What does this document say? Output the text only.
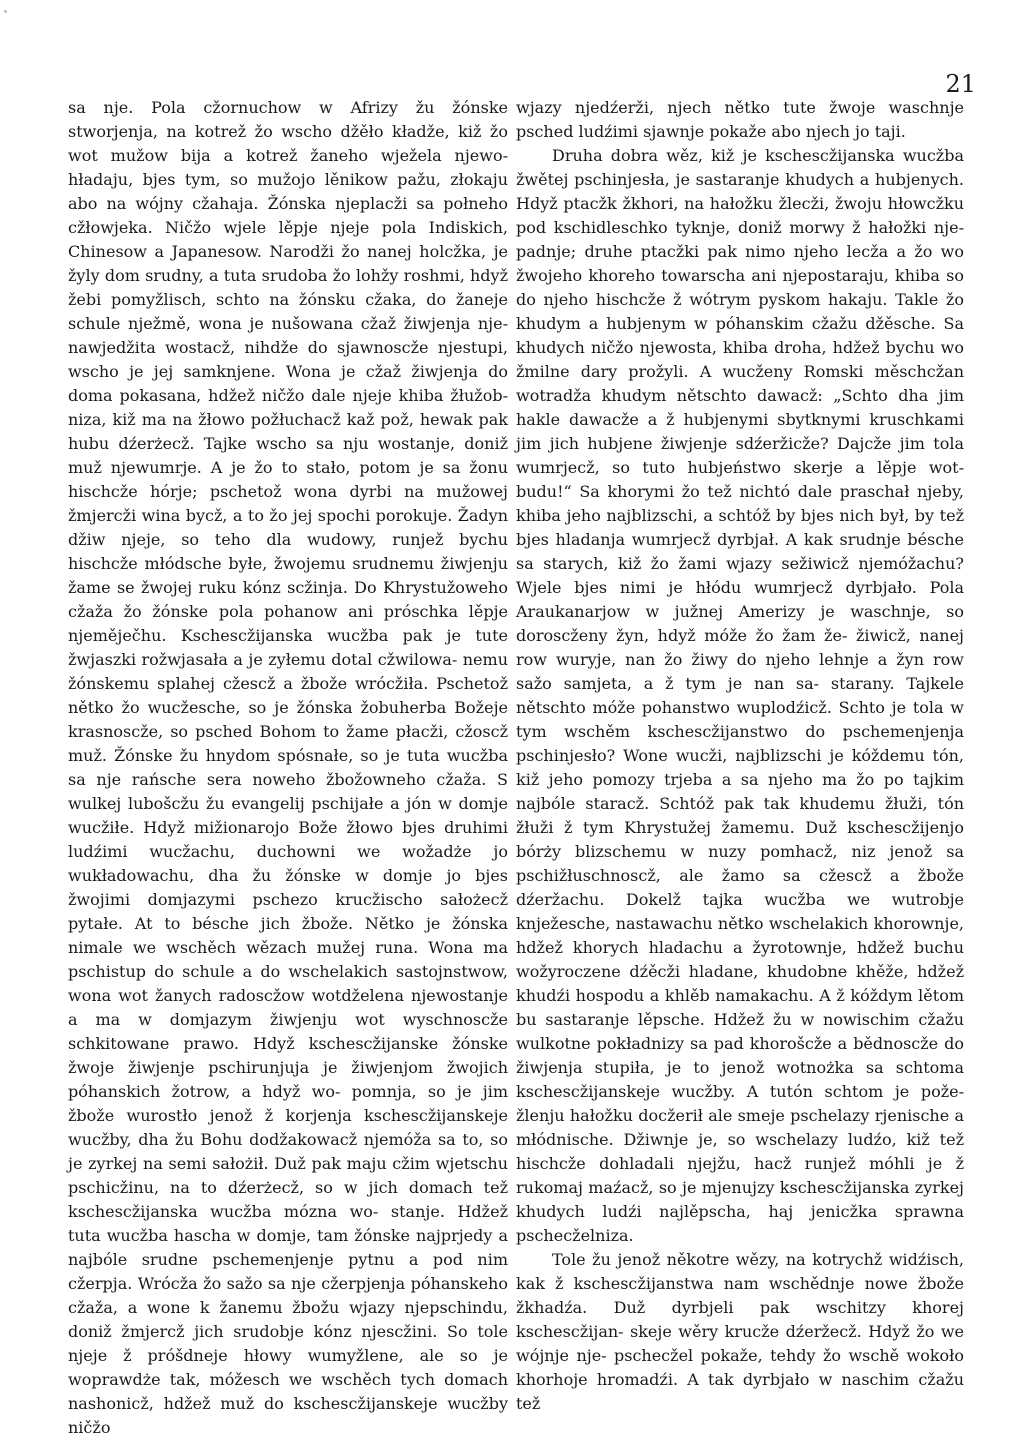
21

sa nje. Pola cžornuchow w Afrizy žu žónske stworjenja, na kotrež žo wscho džěło kładže, kiž žo wot mužow bija a kotrež žaneho wježela njewo- hładaju, bjes tym, so mužojo lěnikow pažu, złokaju abo na wójny cžahaja. Žónska njeplacži sa połneho cžłowjeka. Ničžo wjele lěpje njeje pola Indiskich, Chinesow a Japanesow. Narodži žo nanej holcžka, je žyly dom srudny, a tuta srudoba žo lohžy roshmi, hdyž žebi pomyžlisch, schto na žónsku cžaka, do žaneje schule nježmě, wona je nušowana cžaž žiwjenja nje- nawjedžita wostacž, nihdže do sjawnoscže njestupi, wscho je jej samknjene. Wona je cžaž žiwjenja do doma pokasana, hdžež ničžo dale njeje khiba žłužob- niza, kiž ma na žłowo požłuchacž kaž pož, hewak pak hubu dźerżecž. Tajke wscho sa nju wostanje, doniž muž njewumrje. A je žo to stało, potom je sa žonu hischcže hórje; pschetož wona dyrbi na mužowej žmjercži wina bycž, a to žo jej spochi porokuje. Žadyn džiw njeje, so teho dla wudowy, runjež bychu hischcže młódsche byłe, žwojemu srudnemu žiwjenju žame se žwojej ruku kónz scžinja. Do Khrystužoweho cžaža žo žónske pola pohanow ani próschka lěpje njeměječhu. Kschescžijanska wucžba pak je tute žwjaszki rožwjasała a je zyłemu dotal cžwilowa- nemu žónskemu splahej cžescž a žbože wrócžiła. Pschetož nětko žo wucžesche, so je žónska žobuherba Božeje krasnoscže, so psched Bohom to žame płacži, cžoscž muž. Žónske žu hnydom spósnałe, so je tuta wucžba sa nje rańsche sera noweho žbožowneho cžaža. S wulkej lubošcžu žu evangelij pschijałe a jón w domje wucžiłe. Hdyž mižionarojo Bože žłowo bjes druhimi ludźimi wucžachu, duchowni we wožadże jo wukładowachu, dha žu žónske w domje jo bjes žwojimi domjazymi pschezo krucžischo sałożecž pytałe. At to bésche jich žbože. Nětko je žónska nimale we wschěch wězach mužej runa. Wona ma pschistup do schule a do wschelakich sastojnstwow, wona wot žanych radoscžow wotdželena njewostanje a ma w domjazym žiwjenju wot wyschnoscže schkitowane prawo. Hdyž kschescžijanske žónske žwoje žiwjenje pschirunjuja je žiwjenjom žwojich póhanskich žotrow, a hdyž wo- pomnja, so je jim žbože wurostło jenož ž korjenja kschescžijanskeje wucžby, dha žu Bohu dodžakowacž njemóža sa to, so je zyrkej na semi sałożił. Duž pak maju cžim wjetschu pschicžinu, na to dźerżecž, so w jich domach tež kschescžijanska wucžba mózna wo- stanje. Hdžež tuta wucžba hascha w domje, tam žónske najprjedy a najbóle srudne pschemenjenje pytnu a pod nim cžerpja. Wrócža žo sažo sa nje cžerpjenja póhanskeho cžaža, a wone k žanemu žbožu wjazy njepschindu, doniž žmjercž jich srudobje kónz njescžini. So tole njeje ž próšdneje hłowy wumyžlene, ale so je woprawdże tak, móžesch we wschěch tych domach nashonicž, hdžež muž do kschescžijanskeje wucžby ničžo

wjazy njedźerži, njech nětko tute žwoje waschnje psched ludźimi sjawnje pokaže abo njech jo taji.

Druha dobra wěz, kiž je kschescžijanska wucžba žwětej pschinjesła, je sastaranje khudych a hubjenych. Hdyž ptacžk žkhori, na hałožku žlecži, žwoju hłowcžku pod kschidleschko tyknje, doniž morwy ž hałožki nje- padnje; druhe ptacžki pak nimo njeho lecža a žo wo žwojeho khoreho towarscha ani njepostaraju, khiba so do njeho hischcže ž wótrym pyskom hakaju. Takle žo khudym a hubjenym w póhanskim cžažu džěsche. Sa khudych ničžo njewosta, khiba droha, hdžež bychu wo žmilne dary prožyli. A wucženy Romski měschcžan wotradža khudym nětschto dawacž: „Schto dha jim hakle dawacže a ž hubjenymi sbytknymi kruschkami jim jich hubjene žiwjenje sdźeržicže? Dajcže jim tola wumrjecž, so tuto hubjeństwo skerje a lěpje wot- budu!“ Sa khorymi žo tež nichtó dale praschał njeby, khiba jeho najblizschi, a schtóž by bjes nich był, by tež bjes hladanja wumrjecž dyrbjał. A kak srudnje bésche sa starych, kiž žo žami wjazy sežiwicž njemóžachu? Wjele bjes nimi je hłódu wumrjecž dyrbjało. Pola Araukanarjow w južnej Amerizy je waschnje, so doroscženy žyn, hdyž móže žo žam že- žiwicž, nanej row wuryje, nan žo žiwy do njeho lehnje a žyn row sažo samjeta, a ž tym je nan sa- starany. Tajkele nětschto móže pohanstwo wuplodźicž. Schto je tola w tym wschěm kschescžijanstwo do pschemenjenja pschinjesło? Wone wucži, najblizschi je kóždemu tón, kiž jeho pomozy trjeba a sa njeho ma žo po tajkim najbóle staracž. Schtóž pak tak khudemu žłuži, tón žłuži ž tym Khrystužej žamemu. Duž kschescžijenjo bórży blizschemu w nuzy pomhacž, niz jenož sa pschižłuschnoscž, ale žamo sa cžescž a žbože dźeržachu. Dokelž tajka wucžba we wutrobje knježesche, nastawachu nětko wschelakich khorownje, hdžež khorych hladachu a žyrotownje, hdžež buchu wožyroczene dźěcži hladane, khudobne khěže, hdžež khudźi hospodu a khlěb namakachu. A ž kóždym lětom bu sastaranje lěpsche. Hdžež žu w nowischim cžažu wulkotne pokładnizy sa pad khorošcže a bědnoscže do žiwjenja stupiła, je to jenož wotnożka sa schtoma kschescžijanskeje wucžby. A tutón schtom je pože- žlenju hałožku docžerił ale smeje pschelazy rjenische a młódnische. Džiwnje je, so wschelazy ludźo, kiž tež hischcže dohladali njejžu, hacž runjež móhli je ž rukomaj maźacž, so je mjenujzy kschescžijanska zyrkej khudych ludźi najlěpscha, haj jenicžka sprawna pschecželniza.

Tole žu jenož někotre wězy, na kotrychž widźisch, kak ž kschescžijanstwa nam wschědnje nowe žbože žkhadźa. Duž dyrbjeli pak wschitzy khorej kschescžijan- skeje wěry krucže dźeržecž. Hdyž žo we wójnje nje- pschecžel pokaže, tehdy žo wschě wokoło khorhoje hromadźi. A tak dyrbjało w naschim cžažu tež
